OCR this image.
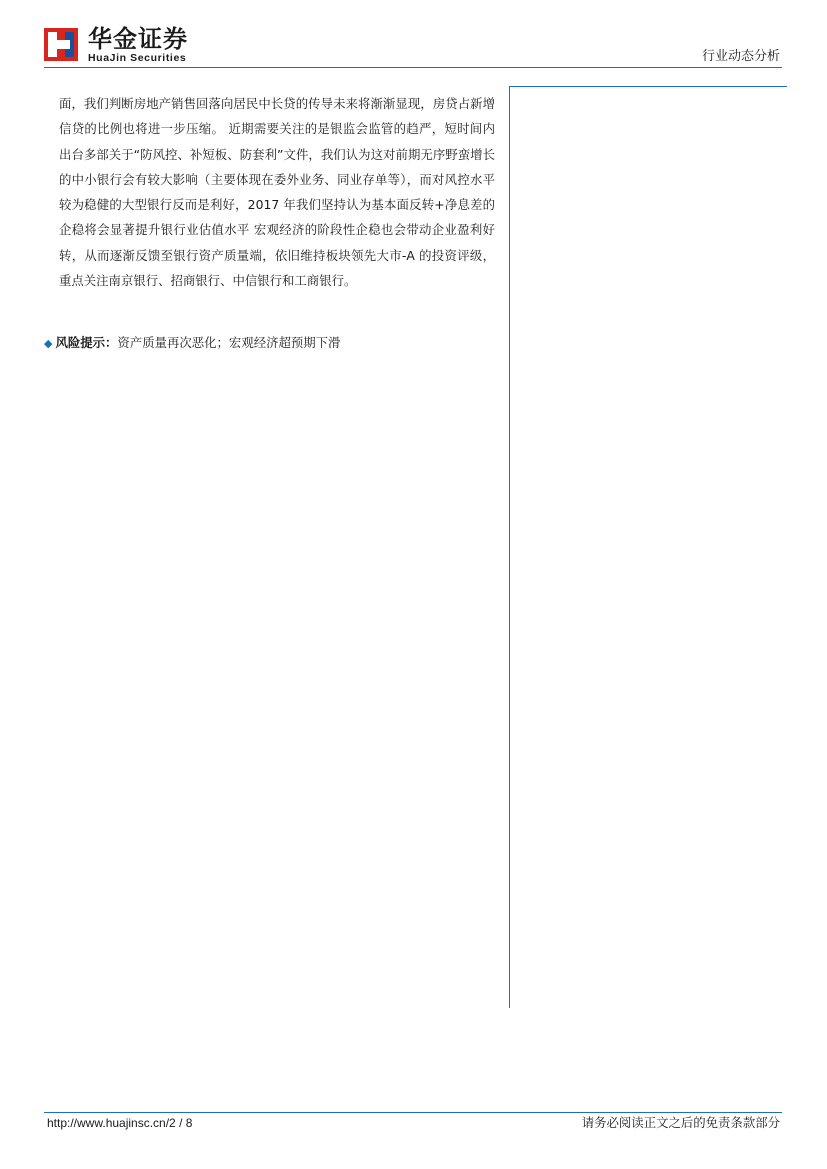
华金证券
HuaJin Securities	行业动态分析

面，我们判断房地产销售回落向居民中长贷的传导未来将渐渐显现，房贷占新增信贷的比例也将进一步压缩。 近期需要关注的是银监会监管的趋严，短时间内出台多部关于“防风控、补短板、防套利”文件，我们认为这对前期无序野蛮增长的中小银行会有较大影响（主要体现在委外业务、同业存单等），而对风控水平较为稳健的大型银行反而是利好，2017 年我们坚持认为基本面反转+净息差的企稳将会显著提升银行业估值水平 宏观经济的阶段性企稳也会带动企业盈利好转，从而逐渐反馈至银行资产质量端，依旧维持板块领先大市-A 的投资评级，重点关注南京银行、招商银行、中信银行和工商银行。

◆ 风险提示：资产质量再次恶化；宏观经济超预期下滑
http://www.huajinsc.cn/2 / 8	请务必阅读正文之后的免责条款部分
